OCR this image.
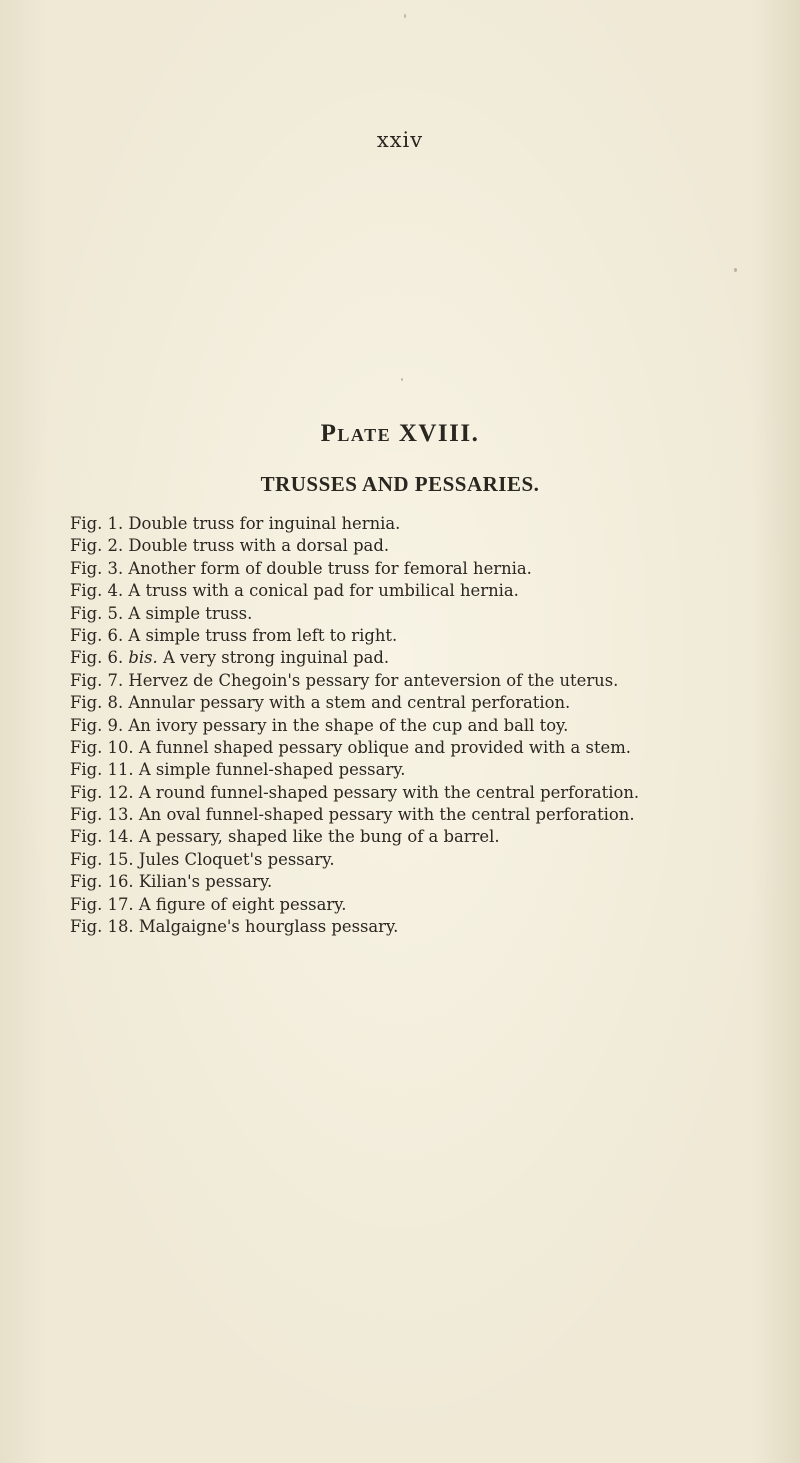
xxiv

Plate XVIII.
TRUSSES AND PESSARIES.
Fig. 1. Double truss for inguinal hernia.
Fig. 2. Double truss with a dorsal pad.
Fig. 3. Another form of double truss for femoral hernia.
Fig. 4. A truss with a conical pad for umbilical hernia.
Fig. 5. A simple truss.
Fig. 6. A simple truss from left to right.
Fig. 6. bis. A very strong inguinal pad.
Fig. 7. Hervez de Chegoin's pessary for anteversion of the uterus.
Fig. 8. Annular pessary with a stem and central perforation.
Fig. 9. An ivory pessary in the shape of the cup and ball toy.
Fig. 10. A funnel shaped pessary oblique and provided with a stem.
Fig. 11. A simple funnel-shaped pessary.
Fig. 12. A round funnel-shaped pessary with the central perforation.
Fig. 13. An oval funnel-shaped pessary with the central perforation.
Fig. 14. A pessary, shaped like the bung of a barrel.
Fig. 15. Jules Cloquet's pessary.
Fig. 16. Kilian's pessary.
Fig. 17. A figure of eight pessary.
Fig. 18. Malgaigne's hourglass pessary.
